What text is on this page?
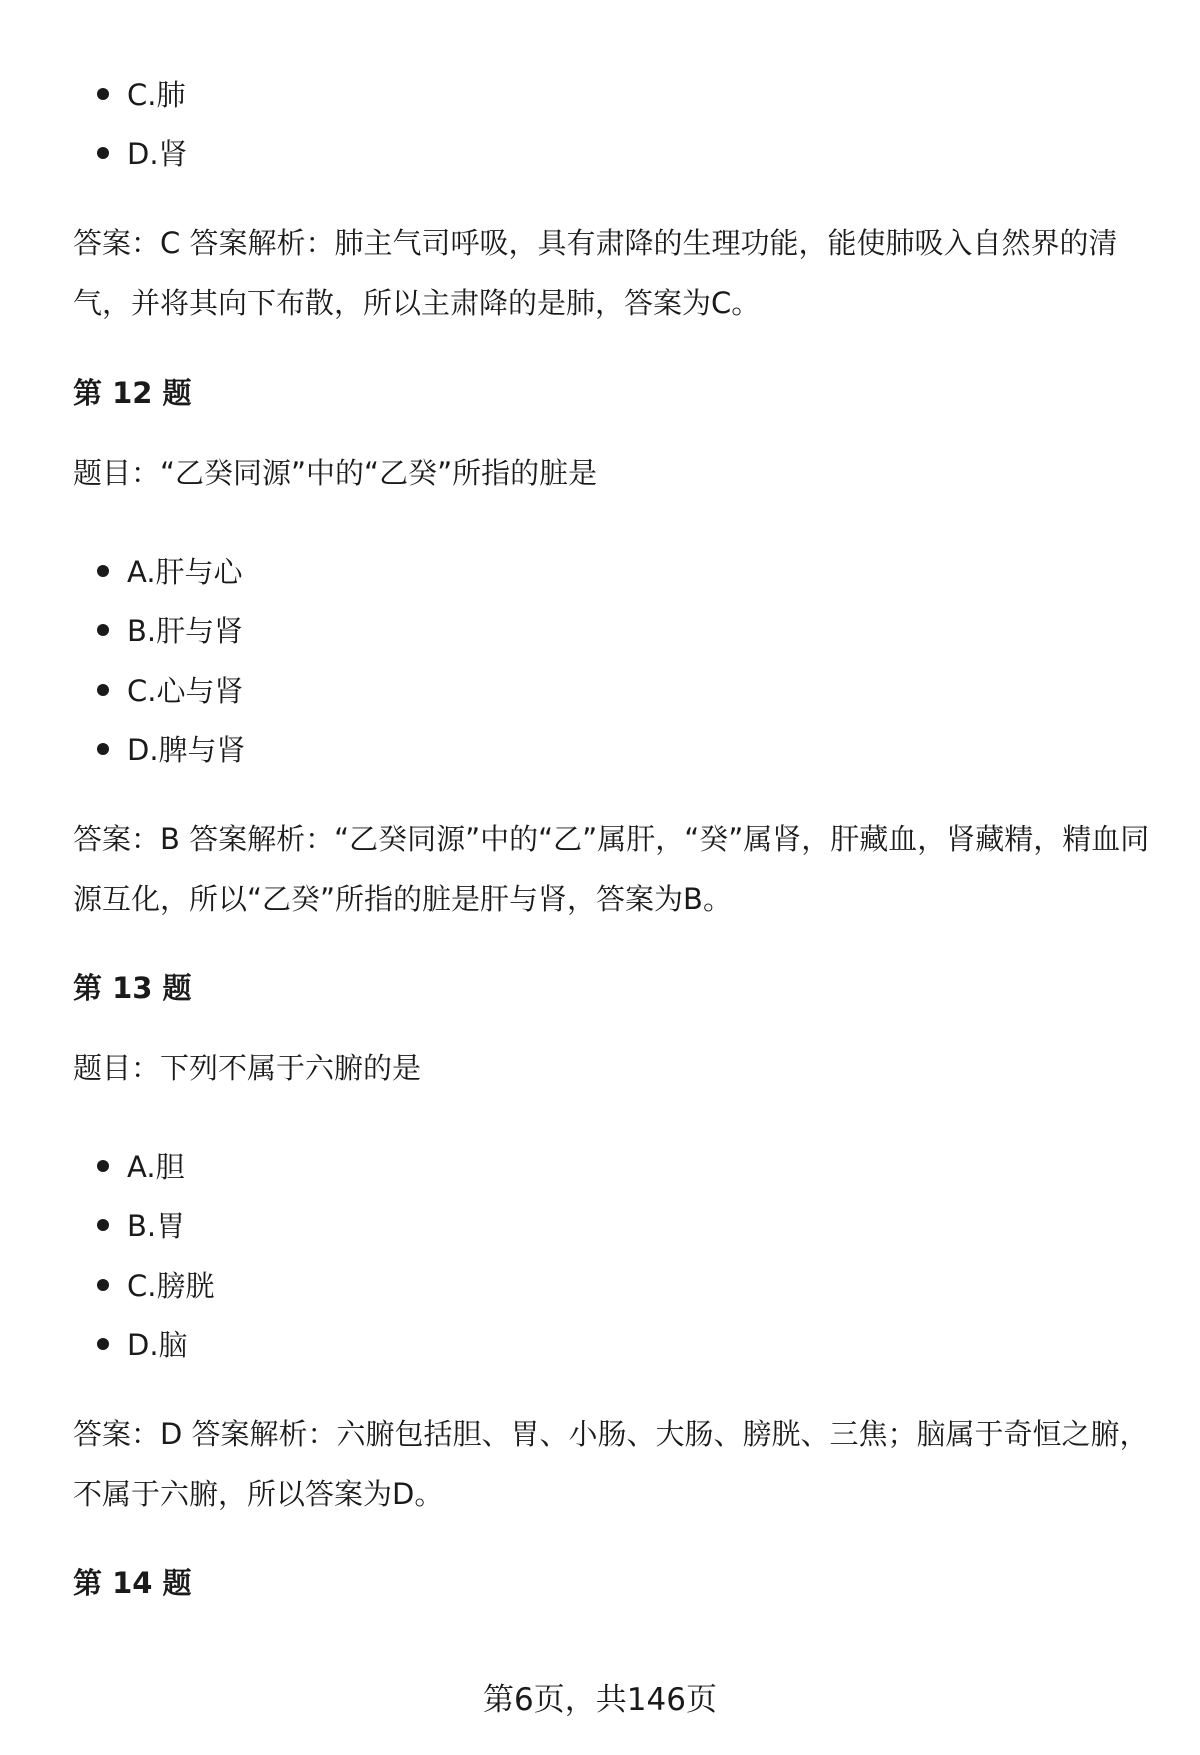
C.肺
D.肾
答案：C 答案解析：肺主气司呼吸，具有肃降的生理功能，能使肺吸入自然界的清气，并将其向下布散，所以主肃降的是肺，答案为C。
第 12 题
题目：“乙癸同源”中的“乙癸”所指的脏是
A.肝与心
B.肝与肾
C.心与肾
D.脾与肾
答案：B 答案解析：“乙癸同源”中的“乙”属肝，“癸”属肾，肝藏血，肾藏精，精血同源互化，所以“乙癸”所指的脏是肝与肾，答案为B。
第 13 题
题目：下列不属于六腑的是
A.胆
B.胃
C.膀胱
D.脑
答案：D 答案解析：六腑包括胆、胃、小肠、大肠、膀胱、三焦；脑属于奇恒之腑，不属于六腑，所以答案为D。
第 14 题
第6页，共146页
